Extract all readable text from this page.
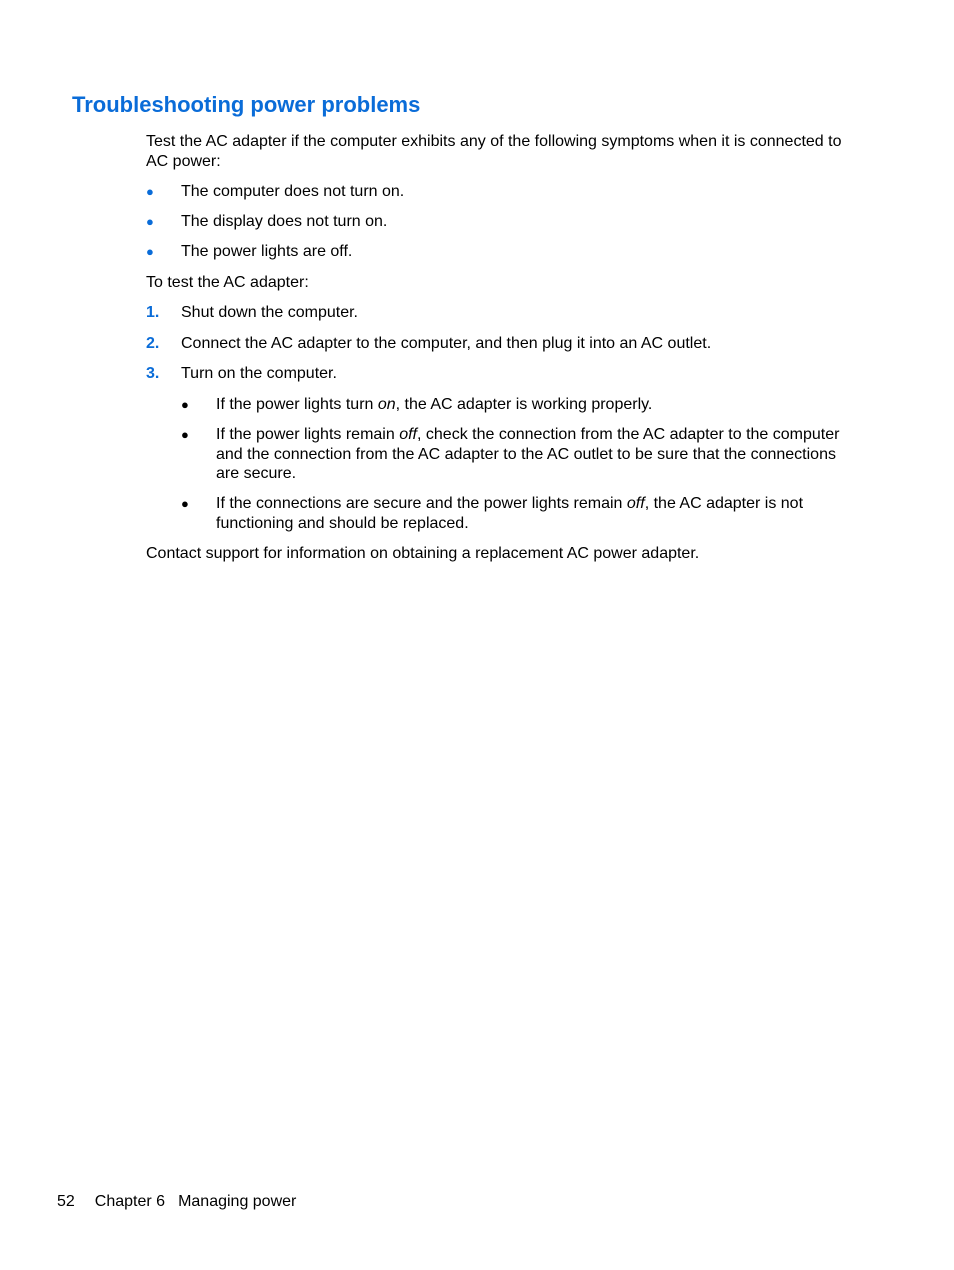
Troubleshooting power problems

Test the AC adapter if the computer exhibits any of the following symptoms when it is connected to AC power:

● The computer does not turn on.
● The display does not turn on.
● The power lights are off.

To test the AC adapter:

1. Shut down the computer.
2. Connect the AC adapter to the computer, and then plug it into an AC outlet.
3. Turn on the computer.
● If the power lights turn on, the AC adapter is working properly.
● If the power lights remain off, check the connection from the AC adapter to the computer and the connection from the AC adapter to the AC outlet to be sure that the connections are secure.
● If the connections are secure and the power lights remain off, the AC adapter is not functioning and should be replaced.

Contact support for information on obtaining a replacement AC power adapter.

52 Chapter 6 Managing power
